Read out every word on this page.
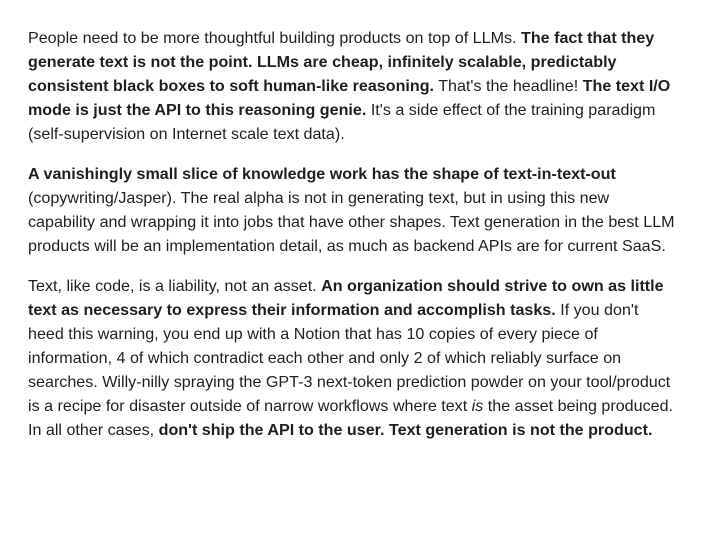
People need to be more thoughtful building products on top of LLMs. The fact that they generate text is not the point. LLMs are cheap, infinitely scalable, predictably consistent black boxes to soft human-like reasoning. That's the headline! The text I/O mode is just the API to this reasoning genie. It's a side effect of the training paradigm (self-supervision on Internet scale text data).

A vanishingly small slice of knowledge work has the shape of text-in-text-out (copywriting/Jasper). The real alpha is not in generating text, but in using this new capability and wrapping it into jobs that have other shapes. Text generation in the best LLM products will be an implementation detail, as much as backend APIs are for current SaaS.

Text, like code, is a liability, not an asset. An organization should strive to own as little text as necessary to express their information and accomplish tasks. If you don't heed this warning, you end up with a Notion that has 10 copies of every piece of information, 4 of which contradict each other and only 2 of which reliably surface on searches. Willy-nilly spraying the GPT-3 next-token prediction powder on your tool/product is a recipe for disaster outside of narrow workflows where text is the asset being produced. In all other cases, don't ship the API to the user. Text generation is not the product.
